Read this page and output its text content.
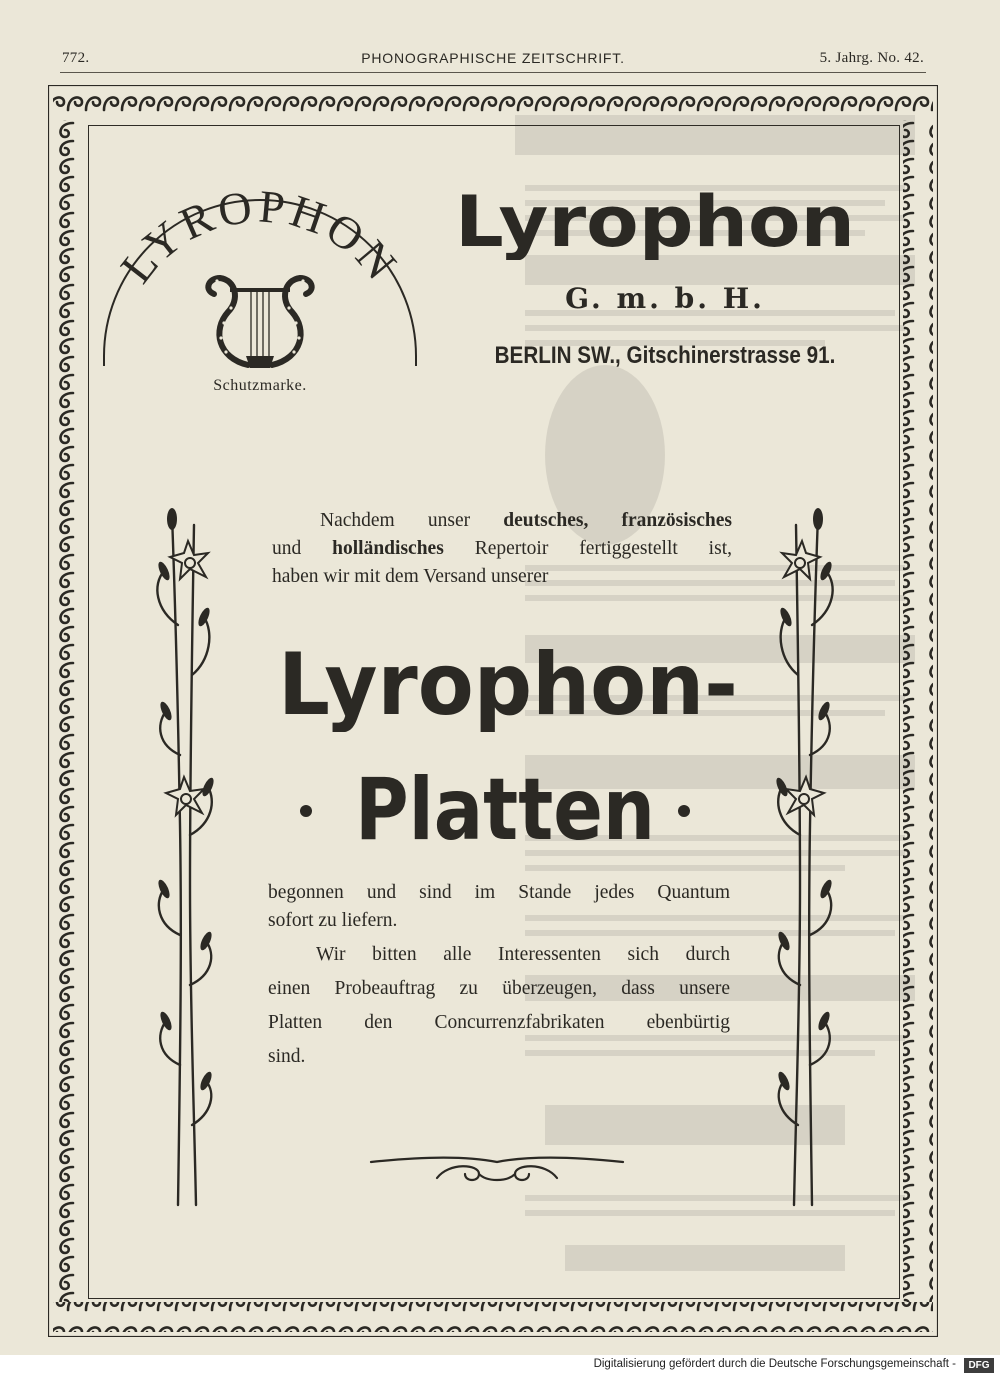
772.	PHONOGRAPHISCHE ZEITSCHRIFT.	5. Jahrg. No. 42.
LYROPHON
Schutzmarke.
Lyrophon
G. m. b. H.
BERLIN SW., Gitschinerstrasse 91.
Nachdem unser deutsches, französisches
und holländisches Repertoir fertiggestellt ist,
haben wir mit dem Versand unserer
Lyrophon-
Platten
begonnen und sind im Stande jedes Quantum
sofort zu liefern.
Wir bitten alle Interessenten sich durch
einen Probeauftrag zu überzeugen, dass unsere
Platten den Concurrenzfabrikaten ebenbürtig
sind.
Digitalisierung gefördert durch die Deutsche Forschungsgemeinschaft -	DFG
